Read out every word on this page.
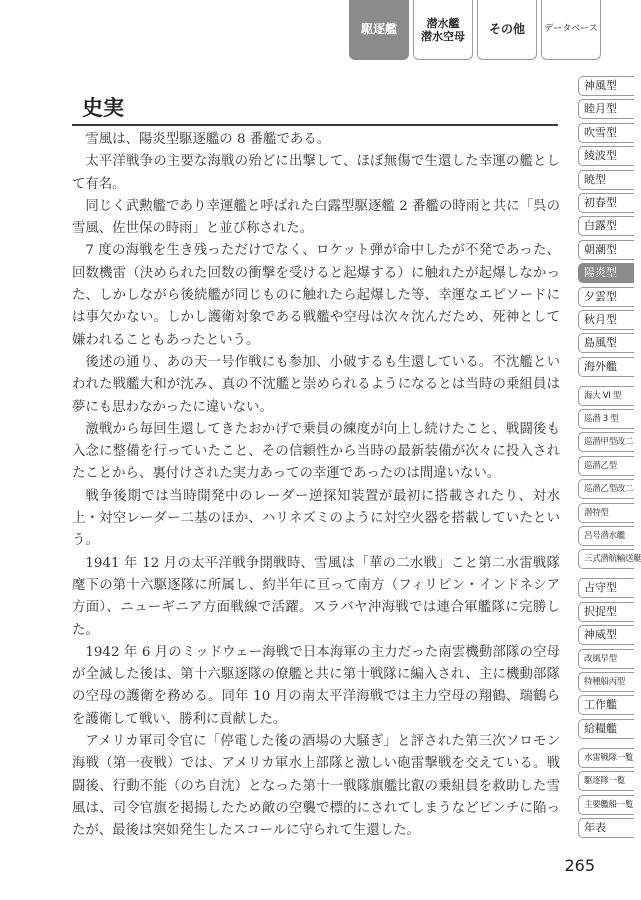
駆逐艦	潜水艦
潜水空母	その他	データベース
史実

雪風は、陽炎型駆逐艦の 8 番艦である。

太平洋戦争の主要な海戦の殆どに出撃して、ほぼ無傷で生還した幸運の艦として有名。

同じく武勲艦であり幸運艦と呼ばれた白露型駆逐艦 2 番艦の時雨と共に「呉の雪風、佐世保の時雨」と並び称された。

7 度の海戦を生き残っただけでなく、ロケット弾が命中したが不発であった、回数機雷（決められた回数の衝撃を受けると起爆する）に触れたが起爆しなかった、しかしながら後続艦が同じものに触れたら起爆した等、幸運なエピソードには事欠かない。しかし護衛対象である戦艦や空母は次々沈んだため、死神として嫌われることもあったという。

後述の通り、あの天一号作戦にも参加、小破するも生還している。不沈艦といわれた戦艦大和が沈み、真の不沈艦と崇められるようになるとは当時の乗組員は夢にも思わなかったに違いない。

激戦から毎回生還してきたおかげで乗員の練度が向上し続けたこと、戦闘後も入念に整備を行っていたこと、その信頼性から当時の最新装備が次々に投入されたことから、裏付けされた実力あっての幸運であったのは間違いない。

戦争後期では当時開発中のレーダー逆探知装置が最初に搭載されたり、対水上・対空レーダー二基のほか、ハリネズミのように対空火器を搭載していたという。

1941 年 12 月の太平洋戦争開戦時、雪風は「華の二水戦」こと第二水雷戦隊麾下の第十六駆逐隊に所属し、約半年に亘って南方（フィリピン・インドネシア方面）、ニューギニア方面戦線で活躍。スラバヤ沖海戦では連合軍艦隊に完勝した。

1942 年 6 月のミッドウェー海戦で日本海軍の主力だった南雲機動部隊の空母が全滅した後は、第十六駆逐隊の僚艦と共に第十戦隊に編入され、主に機動部隊の空母の護衛を務める。同年 10 月の南太平洋海戦では主力空母の翔鶴、瑞鶴らを護衛して戦い、勝利に貢献した。

アメリカ軍司令官に「停電した後の酒場の大騒ぎ」と評された第三次ソロモン海戦（第一夜戦）では、アメリカ軍水上部隊と激しい砲雷撃戦を交えている。戦闘後、行動不能（のち自沈）となった第十一戦隊旗艦比叡の乗組員を救助した雪風は、司令官旗を掲揚したため敵の空襲で標的にされてしまうなどピンチに陥ったが、最後は突如発生したスコールに守られて生還した。

神風型
睦月型
吹雪型
綾波型
暁型
初春型
白露型
朝潮型
陽炎型
夕雲型
秋月型
島風型
海外艦
海大 VI 型
巡潜 3 型
巡潜甲型改二
巡潜乙型
巡潜乙型改二
潜特型
呂号潜水艦
三式潜航輸送艇
占守型
択捉型
神威型
改風早型
特種船丙型
工作艦
給糧艦
水雷戦隊一覧
駆逐隊一覧
主要艦船一覧
年表
265
